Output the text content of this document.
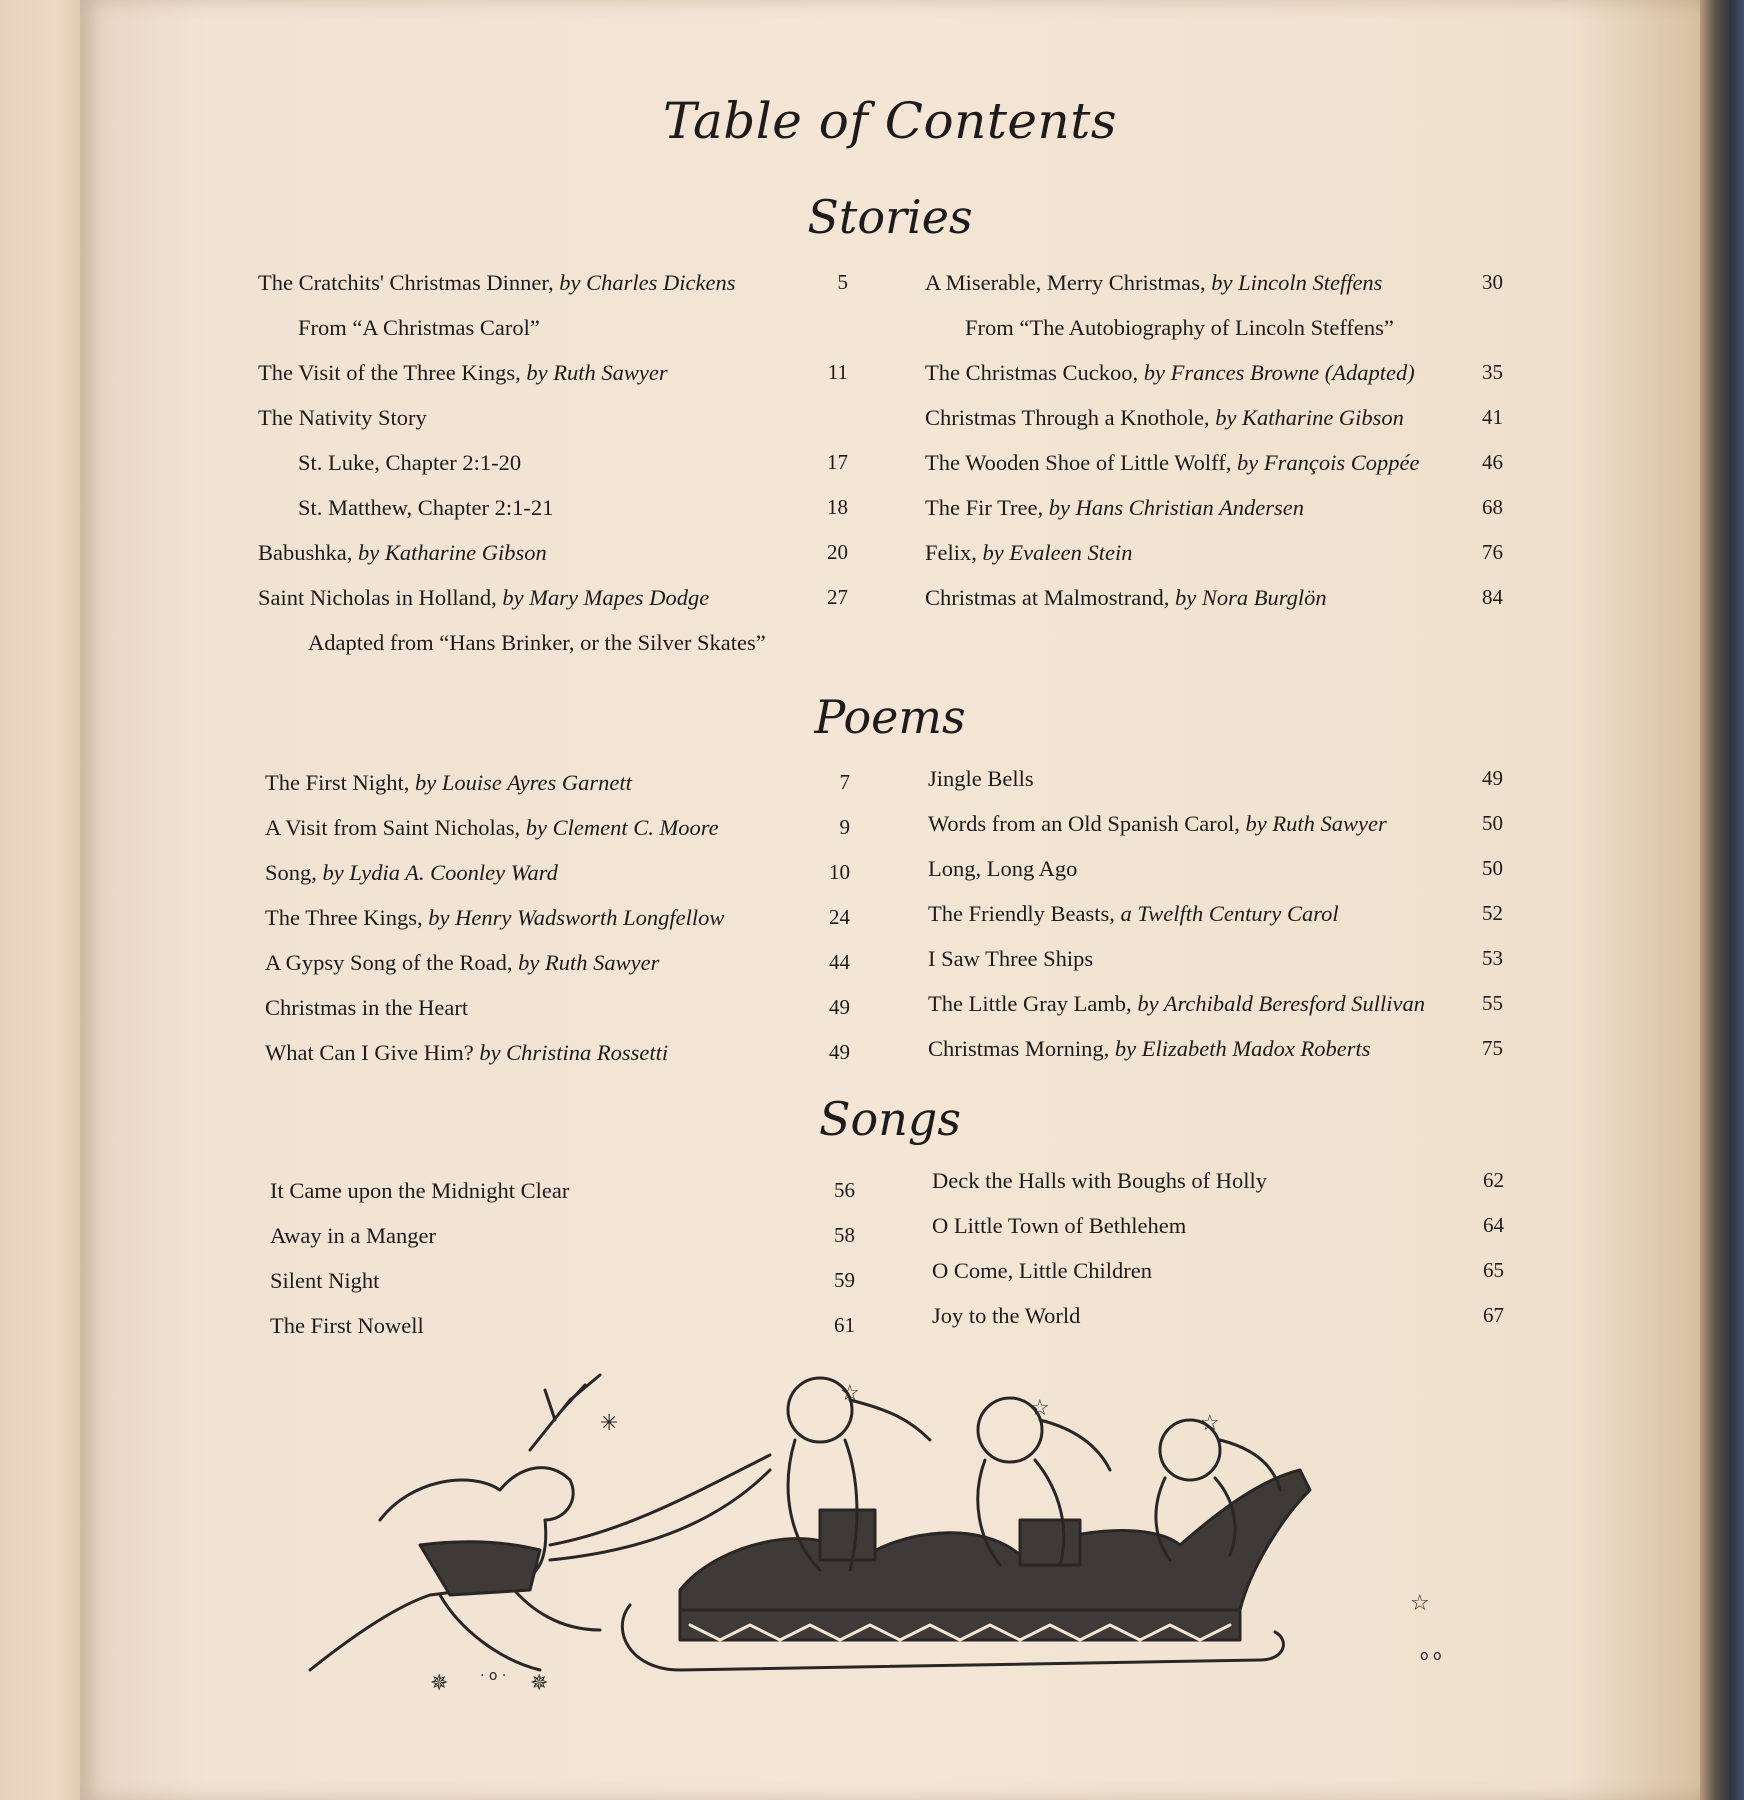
Table of Contents
Stories
The Cratchits' Christmas Dinner, by Charles Dickens	5
From “A Christmas Carol”
The Visit of the Three Kings, by Ruth Sawyer	11
The Nativity Story
St. Luke, Chapter 2:1-20	17
St. Matthew, Chapter 2:1-21	18
Babushka, by Katharine Gibson	20
Saint Nicholas in Holland, by Mary Mapes Dodge	27
Adapted from “Hans Brinker, or the Silver Skates”
A Miserable, Merry Christmas, by Lincoln Steffens	30
From “The Autobiography of Lincoln Steffens”
The Christmas Cuckoo, by Frances Browne (Adapted)	35
Christmas Through a Knothole, by Katharine Gibson	41
The Wooden Shoe of Little Wolff, by François Coppée	46
The Fir Tree, by Hans Christian Andersen	68
Felix, by Evaleen Stein	76
Christmas at Malmostrand, by Nora Burglön	84
Poems
The First Night, by Louise Ayres Garnett	7
A Visit from Saint Nicholas, by Clement C. Moore	9
Song, by Lydia A. Coonley Ward	10
The Three Kings, by Henry Wadsworth Longfellow	24
A Gypsy Song of the Road, by Ruth Sawyer	44
Christmas in the Heart	49
What Can I Give Him? by Christina Rossetti	49
Jingle Bells	49
Words from an Old Spanish Carol, by Ruth Sawyer	50
Long, Long Ago	50
The Friendly Beasts, a Twelfth Century Carol	52
I Saw Three Ships	53
The Little Gray Lamb, by Archibald Beresford Sullivan	55
Christmas Morning, by Elizabeth Madox Roberts	75
Songs
It Came upon the Midnight Clear	56
Away in a Manger	58
Silent Night	59
The First Nowell	61
Deck the Halls with Boughs of Holly	62
O Little Town of Bethlehem	64
O Come, Little Children	65
Joy to the World	67
✳
☆
☆
☆
✵	✵
☆
o o
· o ·
